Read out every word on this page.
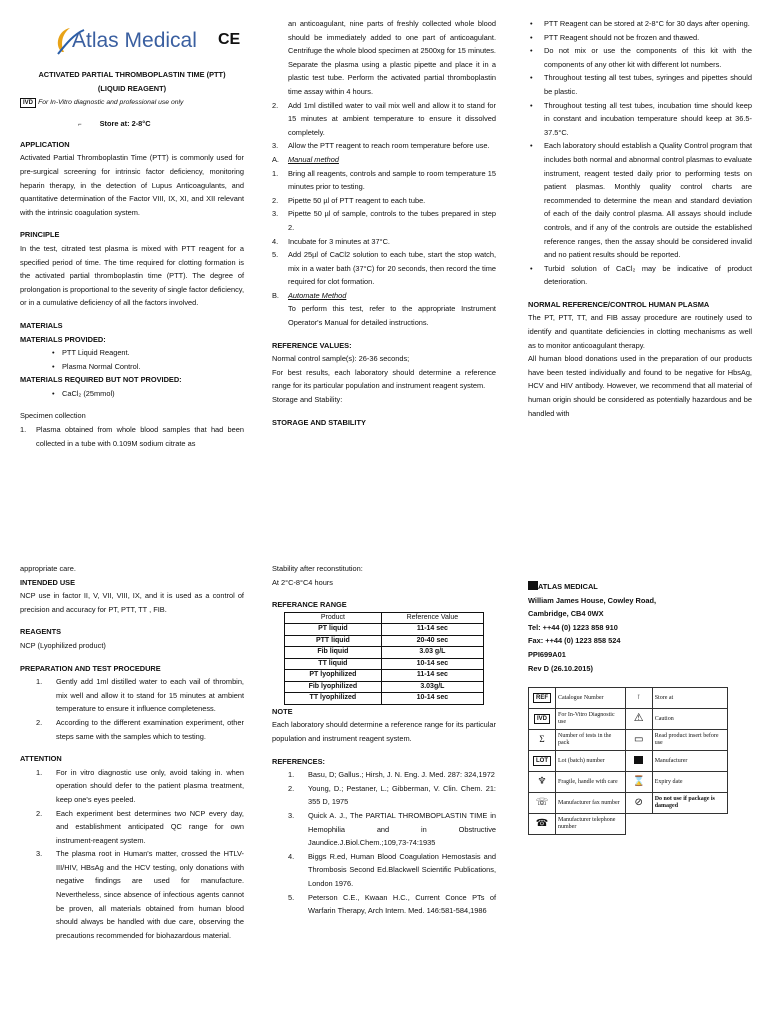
Atlas Medical CE
ACTIVATED PARTIAL THROMBOPLASTIN TIME (PTT)
(LIQUID REAGENT)
IVD For In-Vitro diagnostic and professional use only
⌐ Store at: 2-8°C
APPLICATION
Activated Partial Thromboplastin Time (PTT) is commonly used for pre-surgical screening for intrinsic factor deficiency, monitoring heparin therapy, in the detection of Lupus Anticoagulants, and quantitative determination of the Factor VIII, IX, XI, and XII relevant with the intrinsic coagulation system.
PRINCIPLE
In the test, citrated test plasma is mixed with PTT reagent for a specified period of time. The time required for clotting formation is the activated partial thromboplastin time (PTT). The degree of prolongation is proportional to the severity of single factor deficiency, or in a cumulative deficiency of all the factors involved.
MATERIALS
MATERIALS PROVIDED:
• PTT Liquid Reagent.
• Plasma Normal Control.
MATERIALS REQUIRED BUT NOT PROVIDED:
• CaCl₂ (25mmol)
Specimen collection
1. Plasma obtained from whole blood samples that had been collected in a tube with 0.109M sodium citrate as
an anticoagulant, nine parts of freshly collected whole blood should be immediately added to one part of anticoagulant. Centrifuge the whole blood specimen at 2500xg for 15 minutes. Separate the plasma using a plastic pipette and place it in a plastic test tube. Perform the activated partial thromboplastin time assay within 4 hours.
2. Add 1ml distilled water to vail mix well and allow it to stand for 15 minutes at ambient temperature to ensure it dissolved completely.
3. Allow the PTT reagent to reach room temperature before use.
A. Manual method
1. Bring all reagents, controls and sample to room temperature 15 minutes prior to testing.
2. Pipette 50 µl of PTT reagent to each tube.
3. Pipette 50 µl of sample, controls to the tubes prepared in step 2.
4. Incubate for 3 minutes at 37°C.
5. Add 25µl of CaCl2 solution to each tube, start the stop watch, mix in a water bath (37°C) for 20 seconds, then record the time required for clot formation.
B. Automate Method
To perform this test, refer to the appropriate Instrument Operator's Manual for detailed instructions.
REFERENCE VALUES:
Normal control sample(s): 26-36 seconds;
For best results, each laboratory should determine a reference range for its particular population and instrument reagent system.
Storage and Stability:
STORAGE AND STABILITY
• PTT Reagent can be stored at 2-8°C for 30 days after opening.
• PTT Reagent should not be frozen and thawed.
• Do not mix or use the components of this kit with the components of any other kit with different lot numbers.
• Throughout testing all test tubes, syringes and pipettes should be plastic.
• Throughout testing all test tubes, incubation time should keep in constant and incubation temperature should keep at 36.5-37.5°C.
• Each laboratory should establish a Quality Control program that includes both normal and abnormal control plasmas to evaluate instrument, reagent tested daily prior to performing tests on patient plasmas. Monthly quality control charts are recommended to determine the mean and standard deviation of each of the daily control plasma. All assays should include controls, and if any of the controls are outside the established reference ranges, then the assay should be considered invalid and no patient results should be reported.
• Turbid solution of CaCl₂ may be indicative of product deterioration.
NORMAL REFERENCE/CONTROL HUMAN PLASMA
The PT, PTT, TT, and FIB assay procedure are routinely used to identify and quantitate deficiencies in clotting mechanisms as well as to monitor anticoagulant therapy.
All human blood donations used in the preparation of our products have been tested individually and found to be negative for HbsAg, HCV and HIV antibody. However, we recommend that all material of human origin should be considered as potentially hazardous and be handled with
appropriate care.
INTENDED USE
NCP use in factor II, V, VII, VIII, IX, and it is used as a control of precision and accuracy for PT, PTT, TT , FIB.
REAGENTS
NCP (Lyophilized product)
PREPARATION AND TEST PROCEDURE
1. Gently add 1ml distilled water to each vail of thrombin, mix well and allow it to stand for 15 minutes at ambient temperature to ensure it influence completeness.
2. According to the different examination experiment, other steps same with the samples which to testing.
ATTENTION
1. For in vitro diagnostic use only, avoid taking in. when operation should defer to the patient plasma treatment, keep one's eyes peeled.
2. Each experiment best determines two NCP every day, and establishment anticipated QC range for own instrument-reagent system.
3. The plasma root in Human's matter, crossed the HTLV-III/HIV, HBsAg and the HCV testing, only donations with negative findings are used for manufacture. Nevertheless, since absence of infectious agents cannot be proven, all materials obtained from human blood should always be handled with due care, observing the precautions recommended for biohazardous material.
Stability after reconstitution:
At 2°C-8°C4 hours
REFERANCE RANGE
Product	Reference Value
PT liquid	11-14 sec
PTT liquid	20-40 sec
Fib liquid	3.03 g/L
TT liquid	10-14 sec
PT lyophilized	11-14 sec
Fib lyophilized	3.03g/L
TT lyophilized	10-14 sec
NOTE
Each laboratory should determine a reference range for its particular population and instrument reagent system.
REFERENCES:
1. Basu, D; Gallus.; Hirsh, J. N. Eng. J. Med. 287: 324,1972
2. Young, D.; Pestaner, L.; Gibberman, V. Clin. Chem. 21: 355 D, 1975
3. Quick A. J., The PARTIAL THROMBOPLASTIN TIME in Hemophilia and in Obstructive Jaundice.J.Biol.Chem.;109,73-74:1935
4. Biggs R.ed, Human Blood Coagulation Hemostasis and Thrombosis Second Ed.Blackwell Scientific Publications, London 1976.
5. Peterson C.E., Kwaan H.C., Current Conce PTs of Warfarin Therapy, Arch Intern. Med. 146:581-584,1986
ATLAS MEDICAL
William James House, Cowley Road,
Cambridge, CB4 0WX
Tel: ++44 (0) 1223 858 910
Fax: ++44 (0) 1223 858 524
PPI699A01
Rev D (26.10.2015)
REF	Catalogue Number	⊺	Store at
IVD	For In-Vitro Diagnostic use	⚠	Caution
Σ	Number of tests in the pack	▭	Read product insert before use
LOT	Lot (batch) number		Manufacturer
♆	Fragile, handle with care	⌛	Expiry date
☏	Manufacturer fax number	⊘	Do not use if package is damaged
☎	Manufacturer telephone number		
